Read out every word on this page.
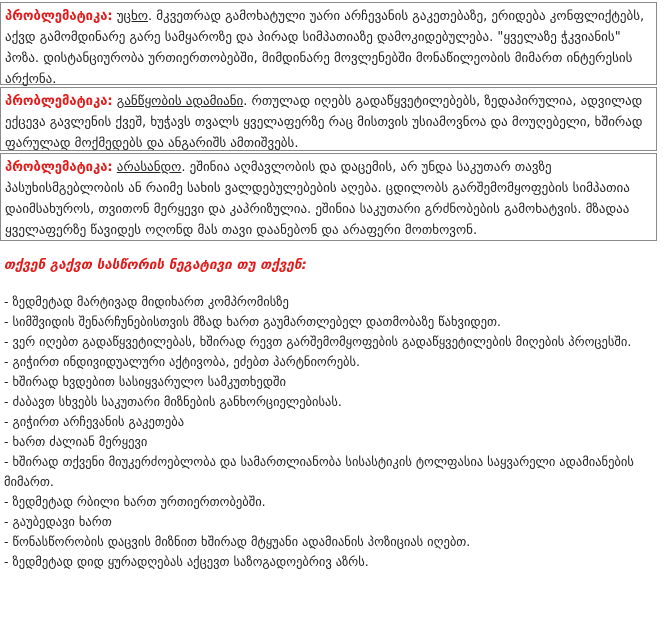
პრობლემატიკა: უცხო. მკვეთრად გამოხატული უარი არჩევანის გაკეთებაზე, ერიდება კონფლიქტებს, აქვდ გამომდინარე გარე სამყაროზე და პირად სიმპათიაზე დამოკიდებულება. "ყველაზე ჭკვიანის" პოზა. დისტანციურობა ურთიერთობებში, მიმდინარე მოვლენებში მონაწილეობის მიმართ ინტერესის არქონა.
პრობლემატიკა: განწყობის ადამიანი. რთულად იღებს გადაწყვეტილებებს, ზედაპირულია, ადვილად ექცევა გავლენის ქვეშ, ხუჭავს თვალს ყველაფერზე რაც მისთვის უსიამოვნოა და მოუღებელი, ხშირად ფარულად მოქმედებს და ანგარიშს ამთიშვებს.
პრობლემატიკა: არასანდო. ეშინია აღმავლობის და დაცემის, არ უნდა საკუთარ თავზე პასუხისმგებლობის ან რაიმე სახის ვალდებულებების აღება. ცდილობს გარშემომყოფების სიმპათია დაიმსახუროს, თვითონ მერყევი და კაპრიზულია. ეშინია საკუთარი გრძნობების გამოხატვის. მზადაა ყველაფერზე წავიდეს ოღონდ მას თავი დაანებონ და არაფერი მოთხოვონ.
თქვენ გაქვთ სასწორის ნეგატივი თუ თქვენ:
- ზედმეტად მარტივად მიდიხართ კომპრომისზე
- სიმშვიდის შენარჩუნებისთვის მზად ხართ გაუმართლებელ დათმობაზე წახვიდეთ.
- ვერ იღებთ გადაწყვეტილებას, ხშირად რევთ გარშემომყოფების გადაწყვეტილების მიღების პროცესში.
- გიჭირთ ინდივიდუალური აქტივობა, ეძებთ პარტნიორებს.
- ხშირად ხვდებით სასიყვარულო სამკუთხედში
- ძაბავთ სხვებს საკუთარი მიზნების განხორციელებისას.
- გიჭირთ არჩევანის გაკეთება
- ხართ ძალიან მერყევი
- ხშირად თქვენი მიუკერძოებლობა და სამართლიანობა სისასტიკის ტოლფასია საყვარელი ადამიანების მიმართ.
- ზედმეტად რბილი ხართ ურთიერთობებში.
- გაუბედავი ხართ
- წონასწორობის დაცვის მიზნით ხშირად მტყუანი ადამიანის პოზიციას იღებთ.
- ზედმეტად დიდ ყურადღებას აქცევთ საზოგადოებრივ აზრს.
